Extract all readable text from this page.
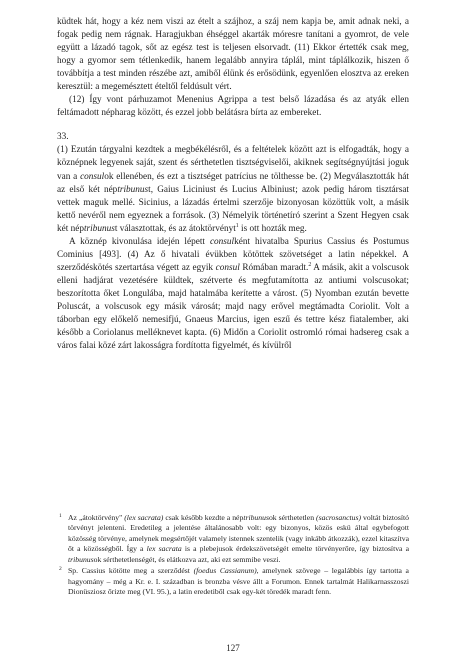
küdtek hát, hogy a kéz nem viszi az ételt a szájhoz, a száj nem kapja be, amit adnak neki, a fogak pedig nem rágnak. Haragjukban éhséggel akarták móresre tanítani a gyomrot, de vele együtt a lázadó tagok, sőt az egész test is teljesen elsorvadt. (11) Ekkor értették csak meg, hogy a gyomor sem tétlenkedik, hanem legalább annyira táplál, mint táplálkozik, hiszen ő továbbítja a test minden részébe azt, amiből élünk és erősödünk, egyenlően elosztva az ereken keresztül: a megemésztett ételtől feldúsult vért.

(12) Így vont párhuzamot Menenius Agrippa a test belső lázadása és az atyák ellen feltámadott népharag között, és ezzel jobb belátásra bírta az embereket.

33.

(1) Ezután tárgyalni kezdtek a megbékélésről, és a feltételek között azt is elfogadták, hogy a köznépnek legyenek saját, szent és sérthetetlen tisztségviselői, akiknek segítségnyújtási joguk van a consulok ellenében, és ezt a tisztséget patrícius ne tölthesse be. (2) Megválasztották hát az első két néptribunust, Gaius Liciniust és Lucius Albiniust; azok pedig három tisztársat vettek maguk mellé. Sicinius, a lázadás értelmi szerzője bizonyosan közöttük volt, a másik kettő nevéről nem egyeznek a források. (3) Némelyik történetíró szerint a Szent Hegyen csak két néptribunust választottak, és az átoktörvényt$^1$ is ott hozták meg.

A köznép kivonulása idején lépett consulként hivatalba Spurius Cassius és Postumus Cominius [493]. (4) Az ő hivatali évükben kötöttek szövetséget a latin népekkel. A szerződéskötés szertartása végett az egyik consul Rómában maradt.$^2$ A másik, akit a volscusok elleni hadjárat vezetésére küldtek, szétverte és megfutamította az antiumi volscusokat; beszorította őket Longulába, majd hatalmába kerítette a várost. (5) Nyomban ezután bevette Poluscát, a volscusok egy másik városát; majd nagy erővel megtámadta Coriolit. Volt a táborban egy előkelő nemesifjú, Gnaeus Marcius, igen eszű és tettre kész fiatalember, aki később a Coriolanus melléknevet kapta. (6) Midőn a Coriolit ostromló római hadsereg csak a város falai közé zárt lakosságra fordította figyelmét, és kívülről

1 Az „átoktörvény" (lex sacrata) csak később kezdte a néptribunusok sérthetetlen (sacrosanctus) voltát biztosító törvényt jelenteni. Eredetileg a jelentése általánosabb volt: egy bizonyos, közös eskü által egybefogott közösség törvénye, amelynek megsértőjét valamely istennek szentelik (vagy inkább átkozzák), ezzel kitaszítva őt a közösségből. Így a lex sacrata is a plebejusok érdekszövetségét emelte törvényerőre, így biztosítva a tribunusok sérthetetlenségét, és elátkozva azt, aki ezt semmibe veszi.

2 Sp. Cassius kötötte meg a szerződést (foedus Cassianum), amelynek szövege – legalábbis így tartotta a hagyomány – még a Kr. e. I. században is bronzba vésve állt a Forumon. Ennek tartalmát Halikarnasszoszi Dionüsziosz őrizte meg (VI. 95.), a latin eredetiből csak egy-két töredék maradt fenn.

127
